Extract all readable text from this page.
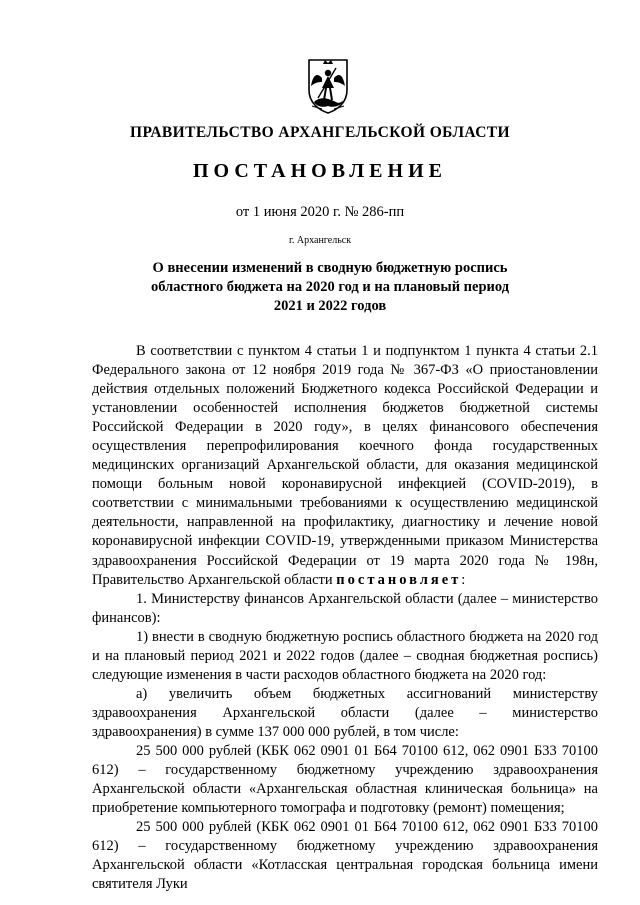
ПРАВИТЕЛЬСТВО АРХАНГЕЛЬСКОЙ ОБЛАСТИ
ПОСТАНОВЛЕНИЕ
от 1 июня 2020 г. № 286-пп
г. Архангельск
О внесении изменений в сводную бюджетную роспись
областного бюджета на 2020 год и на плановый период
2021 и 2022 годов

В соответствии с пунктом 4 статьи 1 и подпунктом 1 пункта 4 статьи 2.1 Федерального закона от 12 ноября 2019 года № 367-ФЗ «О приостановлении действия отдельных положений Бюджетного кодекса Российской Федерации и установлении особенностей исполнения бюджетов бюджетной системы Российской Федерации в 2020 году», в целях финансового обеспечения осуществления перепрофилирования коечного фонда государственных медицинских организаций Архангельской области, для оказания медицинской помощи больным новой коронавирусной инфекцией (COVID-2019), в соответствии с минимальными требованиями к осуществлению медицинской деятельности, направленной на профилактику, диагностику и лечение новой коронавирусной инфекции COVID-19, утвержденными приказом Министерства здравоохранения Российской Федерации от 19 марта 2020 года № 198н, Правительство Архангельской области постановляет:

1. Министерству финансов Архангельской области (далее – министерство финансов):

1) внести в сводную бюджетную роспись областного бюджета на 2020 год и на плановый период 2021 и 2022 годов (далее – сводная бюджетная роспись) следующие изменения в части расходов областного бюджета на 2020 год:

а) увеличить объем бюджетных ассигнований министерству здравоохранения Архангельской области (далее – министерство здравоохранения) в сумме 137 000 000 рублей, в том числе:

25 500 000 рублей (КБК 062 0901 01 Б64 70100 612, 062 0901 Б33 70100 612) – государственному бюджетному учреждению здравоохранения Архангельской области «Архангельская областная клиническая больница» на приобретение компьютерного томографа и подготовку (ремонт) помещения;

25 500 000 рублей (КБК 062 0901 01 Б64 70100 612, 062 0901 Б33 70100 612) – государственному бюджетному учреждению здравоохранения Архангельской области «Котласская центральная городская больница имени святителя Луки
